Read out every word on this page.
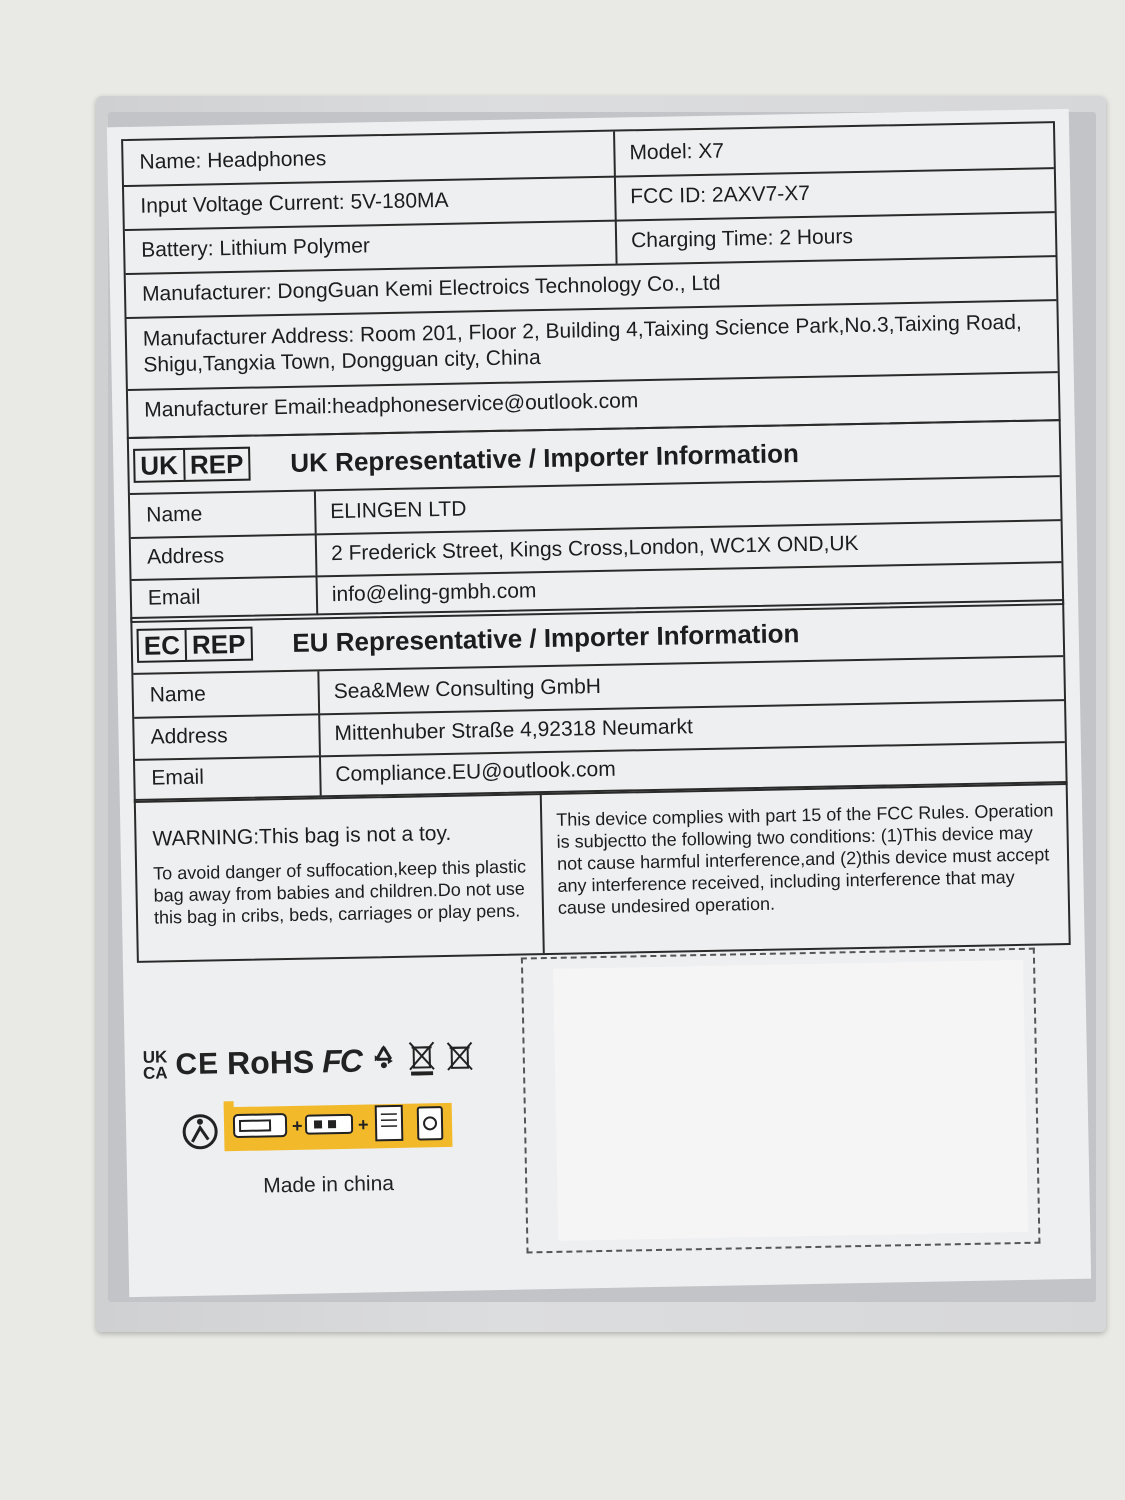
Name: Headphones	Model: X7
Input Voltage Current: 5V-180MA	FCC ID: 2AXV7-X7
Battery: Lithium Polymer	Charging Time: 2 Hours
Manufacturer: DongGuan Kemi Electroics Technology Co., Ltd
Manufacturer Address: Room 201, Floor 2, Building 4,Taixing Science Park,No.3,Taixing Road, Shigu,Tangxia Town, Dongguan city, China
Manufacturer Email:headphoneservice@outlook.com
UK REP UK Representative / Importer Information
Name	ELINGEN LTD
Address	2 Frederick Street, Kings Cross,London, WC1X OND,UK
Email	info@eling-gmbh.com
EC REP EU Representative / Importer Information
Name	Sea&Mew Consulting GmbH
Address	Mittenhuber Straße 4,92318 Neumarkt
Email	Compliance.EU@outlook.com
WARNING:This bag is not a toy.
To avoid danger of suffocation,keep this plastic bag away from babies and children.Do not use this bag in cribs, beds, carriages or play pens.
This device complies with part 15 of the FCC Rules. Operation is subjectto the following two conditions: (1)This device may not cause harmful interference,and (2)this device must accept any interference received, including interference that may cause undesired operation.
UK
CA CE RoHS FC
+	+
Made in china
